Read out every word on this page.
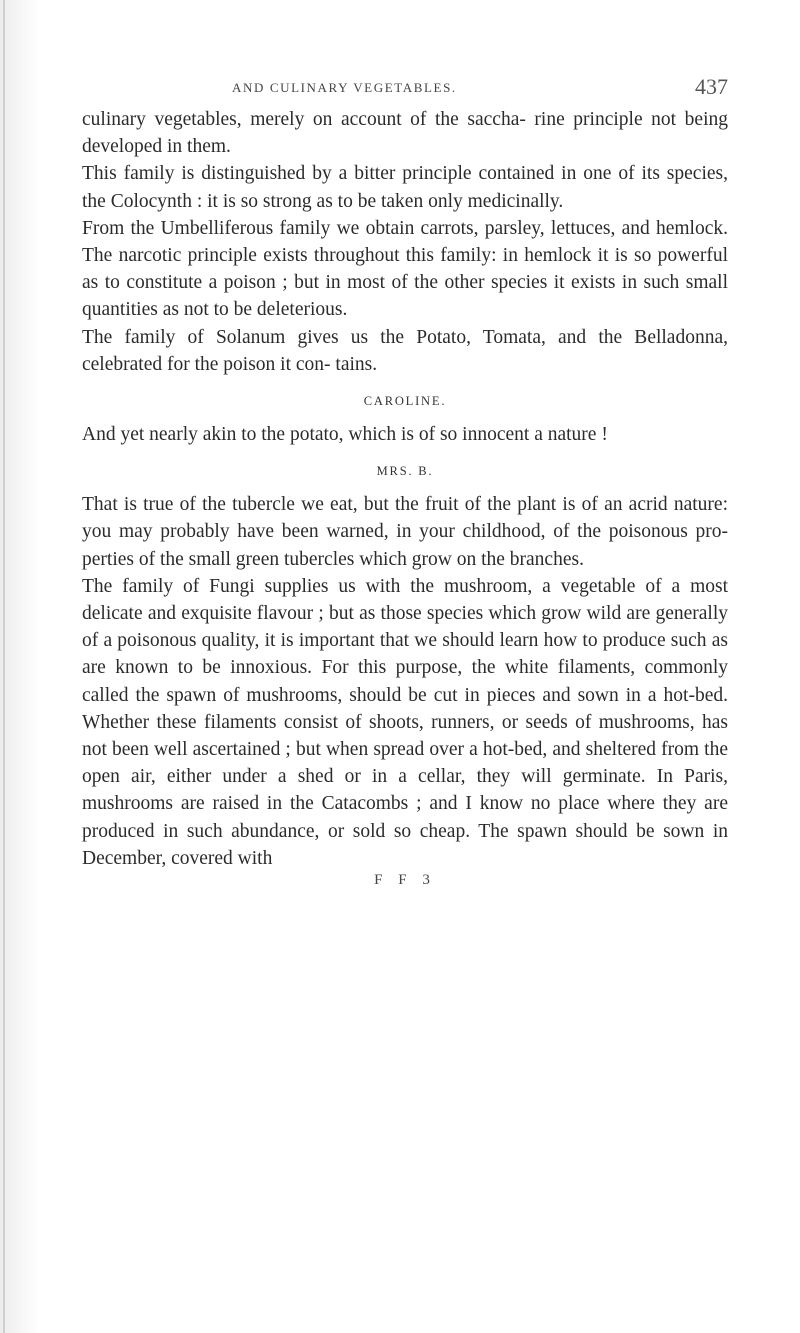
AND CULINARY VEGETABLES.	437

culinary vegetables, merely on account of the saccha- rine principle not being developed in them.

This family is distinguished by a bitter principle contained in one of its species, the Colocynth : it is so strong as to be taken only medicinally.

From the Umbelliferous family we obtain carrots, parsley, lettuces, and hemlock. The narcotic principle exists throughout this family: in hemlock it is so powerful as to constitute a poison ; but in most of the other species it exists in such small quantities as not to be deleterious.

The family of Solanum gives us the Potato, Tomata, and the Belladonna, celebrated for the poison it con- tains.

CAROLINE.

And yet nearly akin to the potato, which is of so innocent a nature !

MRS. B.

That is true of the tubercle we eat, but the fruit of the plant is of an acrid nature: you may probably have been warned, in your childhood, of the poisonous pro- perties of the small green tubercles which grow on the branches.

The family of Fungi supplies us with the mushroom, a vegetable of a most delicate and exquisite flavour ; but as those species which grow wild are generally of a poisonous quality, it is important that we should learn how to produce such as are known to be innoxious. For this purpose, the white filaments, commonly called the spawn of mushrooms, should be cut in pieces and sown in a hot-bed. Whether these filaments consist of shoots, runners, or seeds of mushrooms, has not been well ascertained ; but when spread over a hot-bed, and sheltered from the open air, either under a shed or in a cellar, they will germinate. In Paris, mushrooms are raised in the Catacombs ; and I know no place where they are produced in such abundance, or sold so cheap. The spawn should be sown in December, covered with

F F 3
